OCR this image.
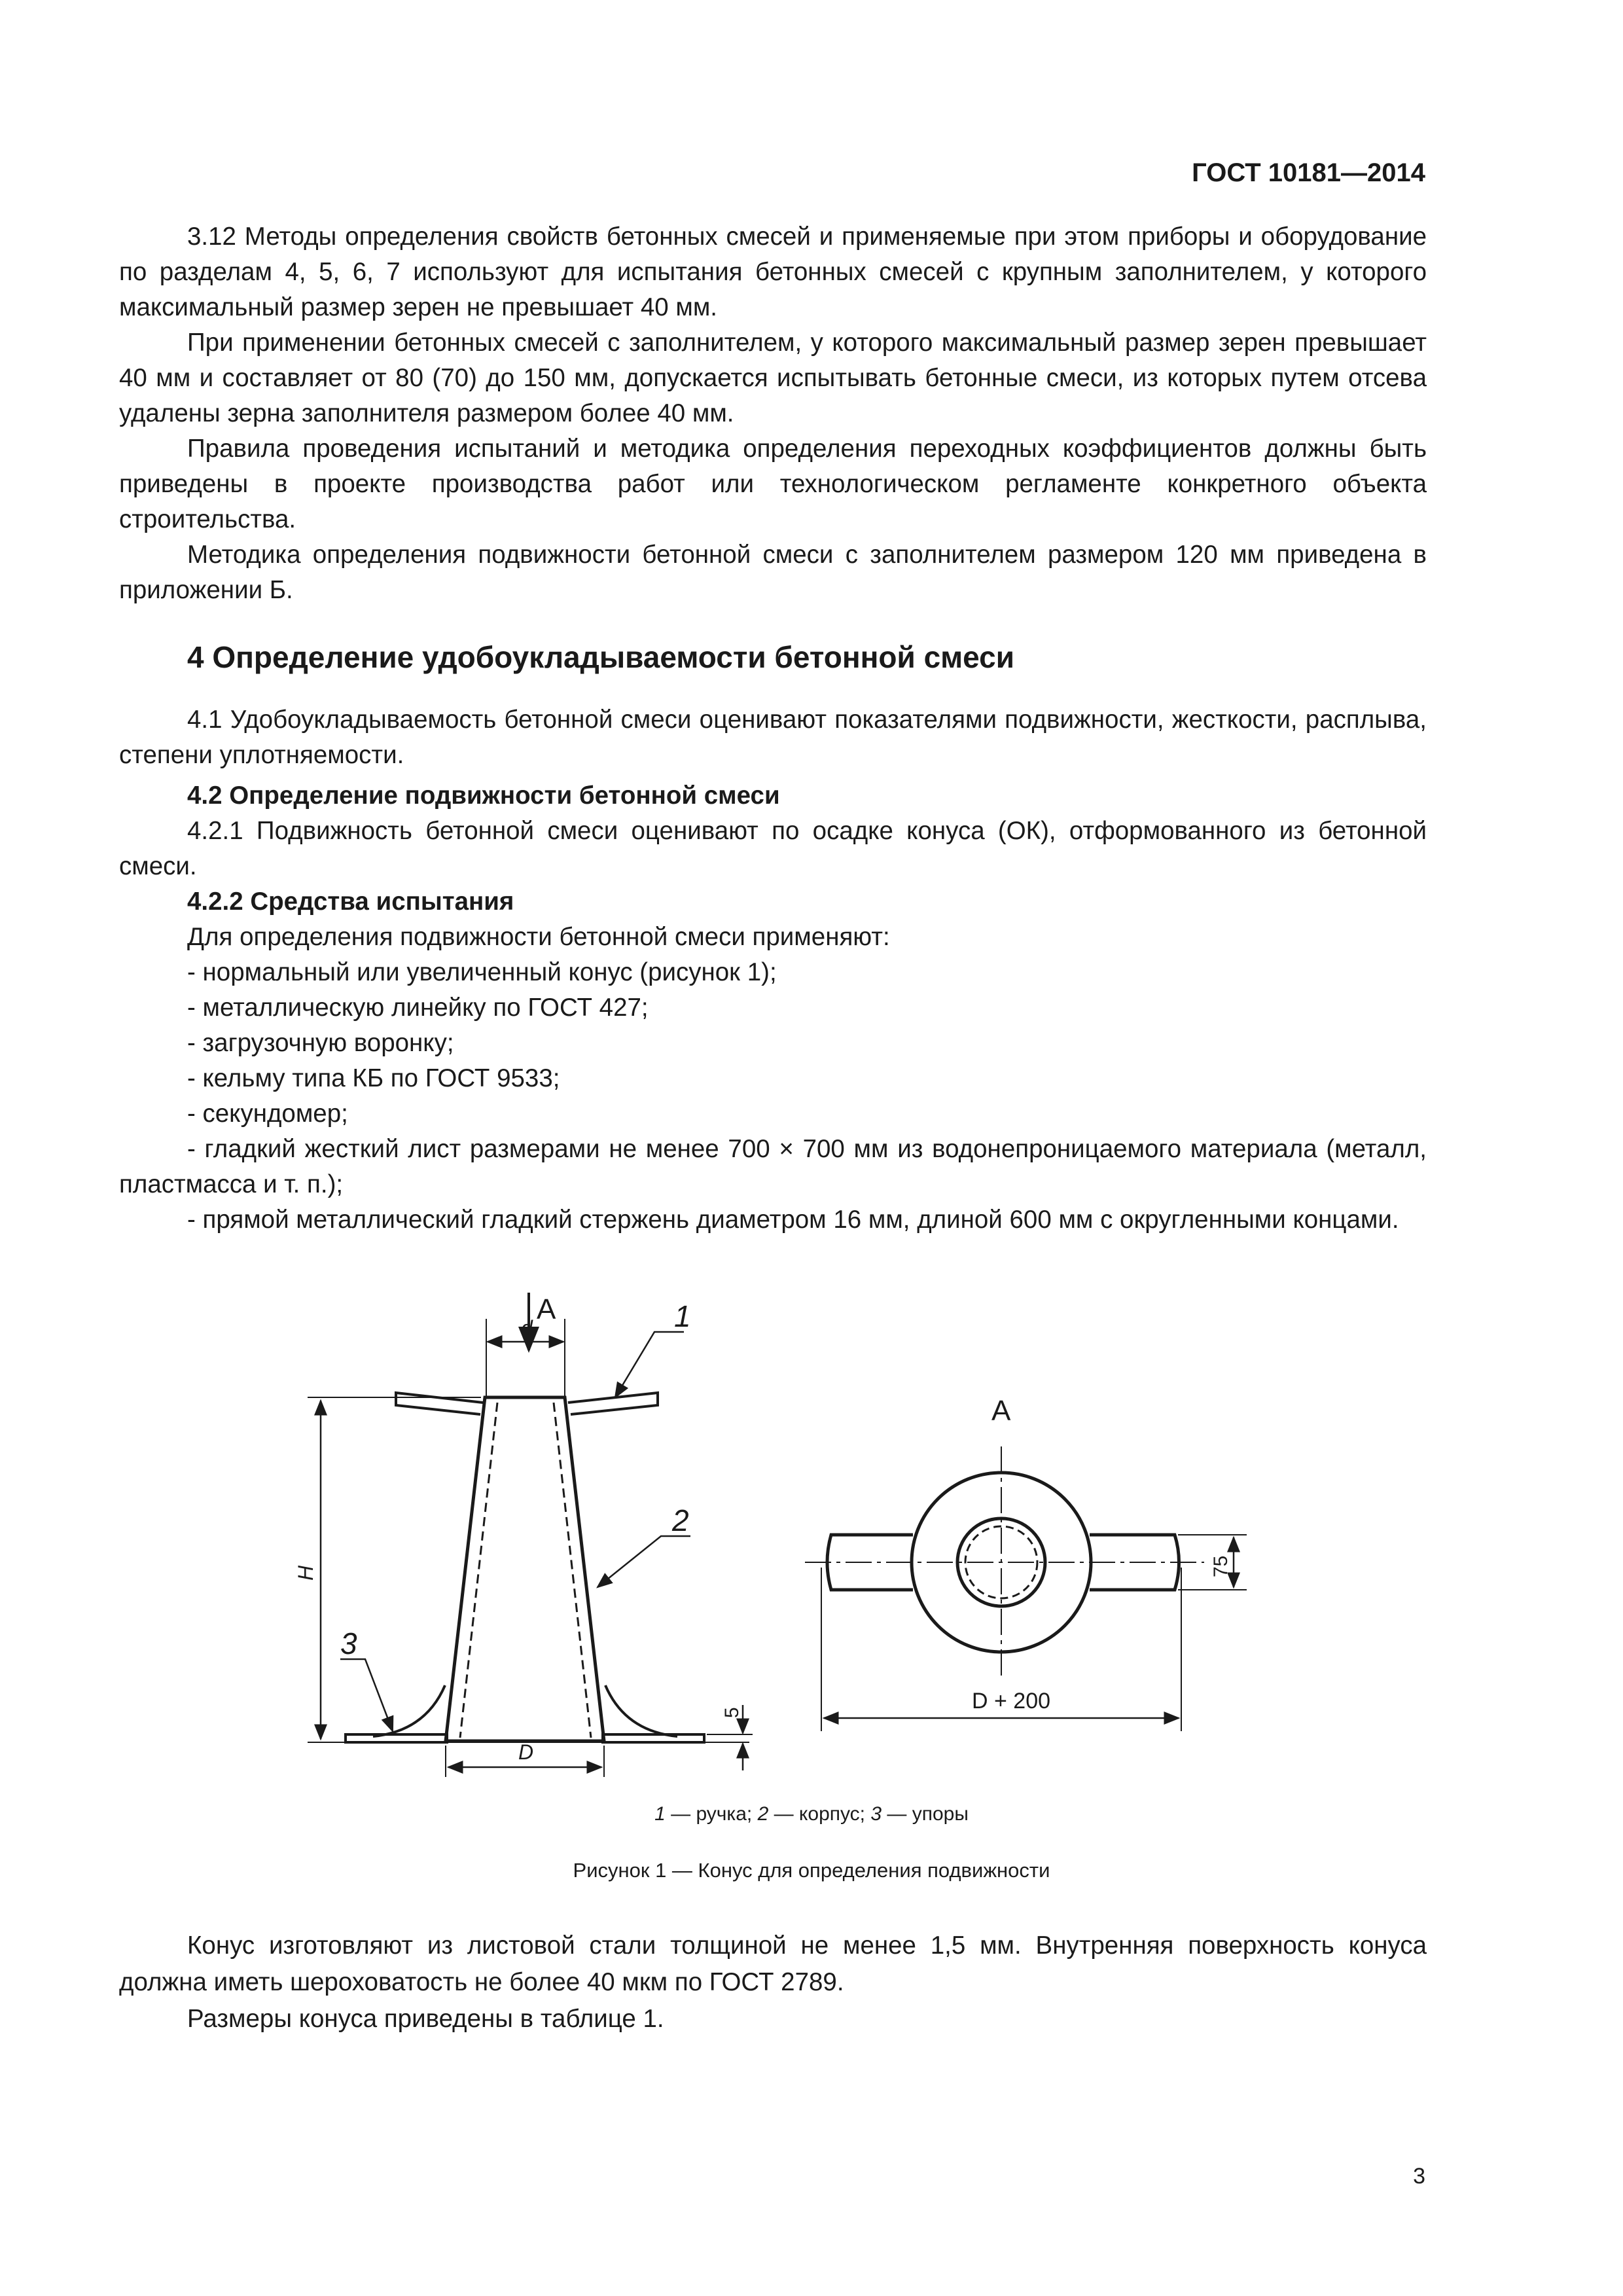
ГОСТ 10181—2014

3.12 Методы определения свойств бетонных смесей и применяемые при этом приборы и оборудование по разделам 4, 5, 6, 7 используют для испытания бетонных смесей с крупным заполнителем, у которого максимальный размер зерен не превышает 40 мм.

При применении бетонных смесей с заполнителем, у которого максимальный размер зерен превышает 40 мм и составляет от 80 (70) до 150 мм, допускается испытывать бетонные смеси, из которых путем отсева удалены зерна заполнителя размером более 40 мм.

Правила проведения испытаний и методика определения переходных коэффициентов должны быть приведены в проекте производства работ или технологическом регламенте конкретного объекта строительства.

Методика определения подвижности бетонной смеси с заполнителем размером 120 мм приведена в приложении Б.

4 Определение удобоукладываемости бетонной смеси

4.1 Удобоукладываемость бетонной смеси оценивают показателями подвижности, жесткости, расплыва, степени уплотняемости.

4.2 Определение подвижности бетонной смеси

4.2.1 Подвижность бетонной смеси оценивают по осадке конуса (ОК), отформованного из бетонной смеси.

4.2.2 Средства испытания

Для определения подвижности бетонной смеси применяют:

- нормальный или увеличенный конус (рисунок 1);

- металлическую линейку по ГОСТ 427;

- загрузочную воронку;

- кельму типа КБ по ГОСТ 9533;

- секундомер;

- гладкий жесткий лист размерами не менее 700 × 700 мм из водонепроницаемого материала (металл, пластмасса и т. п.);

- прямой металлический гладкий стержень диаметром 16 мм, длиной 600 мм с округленными концами.

А
d
H
D
5
1
2
3
А
75
D + 200
1 — ручка; 2 — корпус; 3 — упоры
Рисунок 1 — Конус для определения подвижности

Конус изготовляют из листовой стали толщиной не менее 1,5 мм. Внутренняя поверхность конуса должна иметь шероховатость не более 40 мкм по ГОСТ 2789.

Размеры конуса приведены в таблице 1.

3
